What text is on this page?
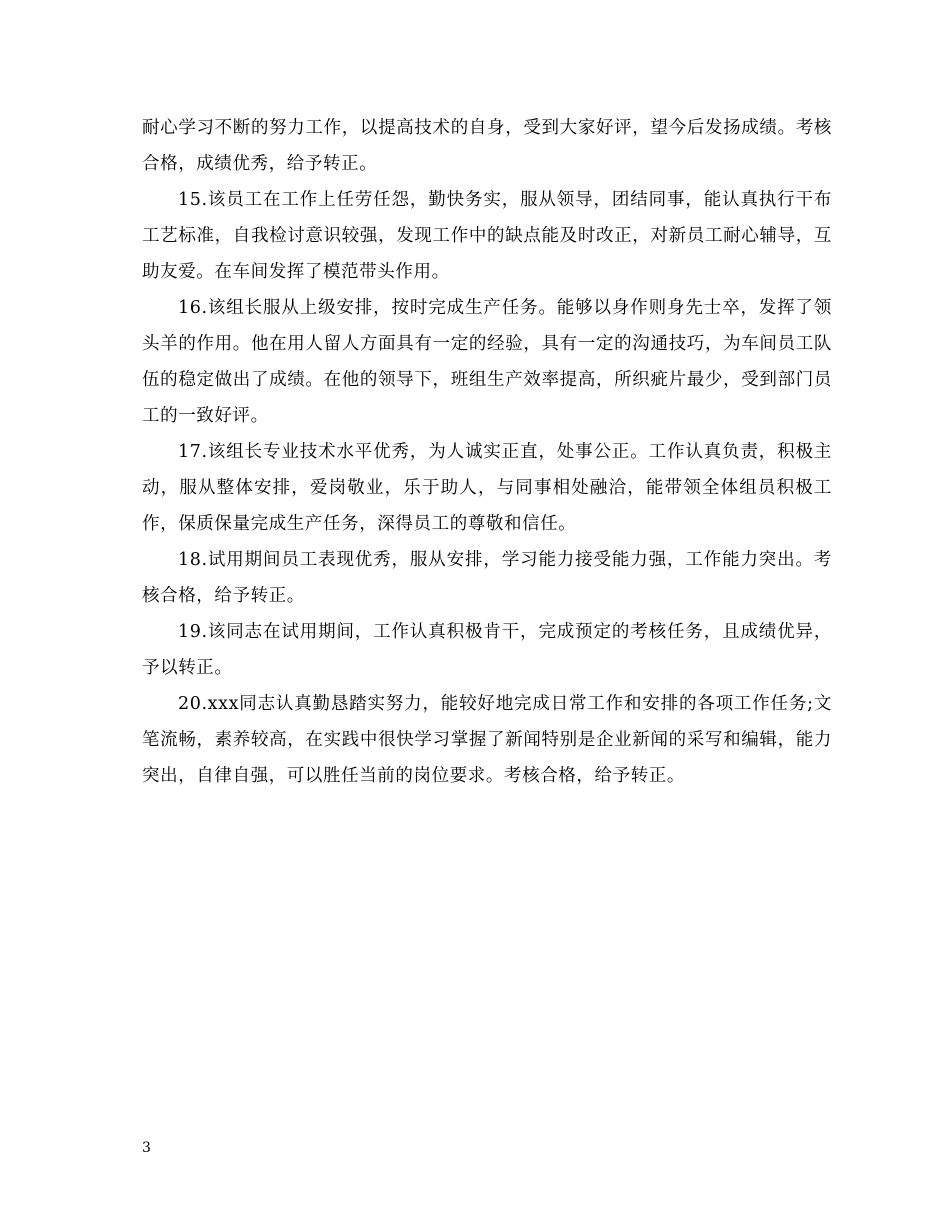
耐心学习不断的努力工作，以提高技术的自身，受到大家好评，望今后发扬成绩。考核合格，成绩优秀，给予转正。

15.该员工在工作上任劳任怨，勤快务实，服从领导，团结同事，能认真执行干布工艺标准，自我检讨意识较强，发现工作中的缺点能及时改正，对新员工耐心辅导，互助友爱。在车间发挥了模范带头作用。

16.该组长服从上级安排，按时完成生产任务。能够以身作则身先士卒，发挥了领头羊的作用。他在用人留人方面具有一定的经验，具有一定的沟通技巧，为车间员工队伍的稳定做出了成绩。在他的领导下，班组生产效率提高，所织疵片最少，受到部门员工的一致好评。

17.该组长专业技术水平优秀，为人诚实正直，处事公正。工作认真负责，积极主动，服从整体安排，爱岗敬业，乐于助人，与同事相处融洽，能带领全体组员积极工作，保质保量完成生产任务，深得员工的尊敬和信任。

18.试用期间员工表现优秀，服从安排，学习能力接受能力强，工作能力突出。考核合格，给予转正。

19.该同志在试用期间，工作认真积极肯干，完成预定的考核任务，且成绩优异，予以转正。

20.xxx同志认真勤恳踏实努力，能较好地完成日常工作和安排的各项工作任务;文笔流畅，素养较高，在实践中很快学习掌握了新闻特别是企业新闻的采写和编辑，能力突出，自律自强，可以胜任当前的岗位要求。考核合格，给予转正。

3
